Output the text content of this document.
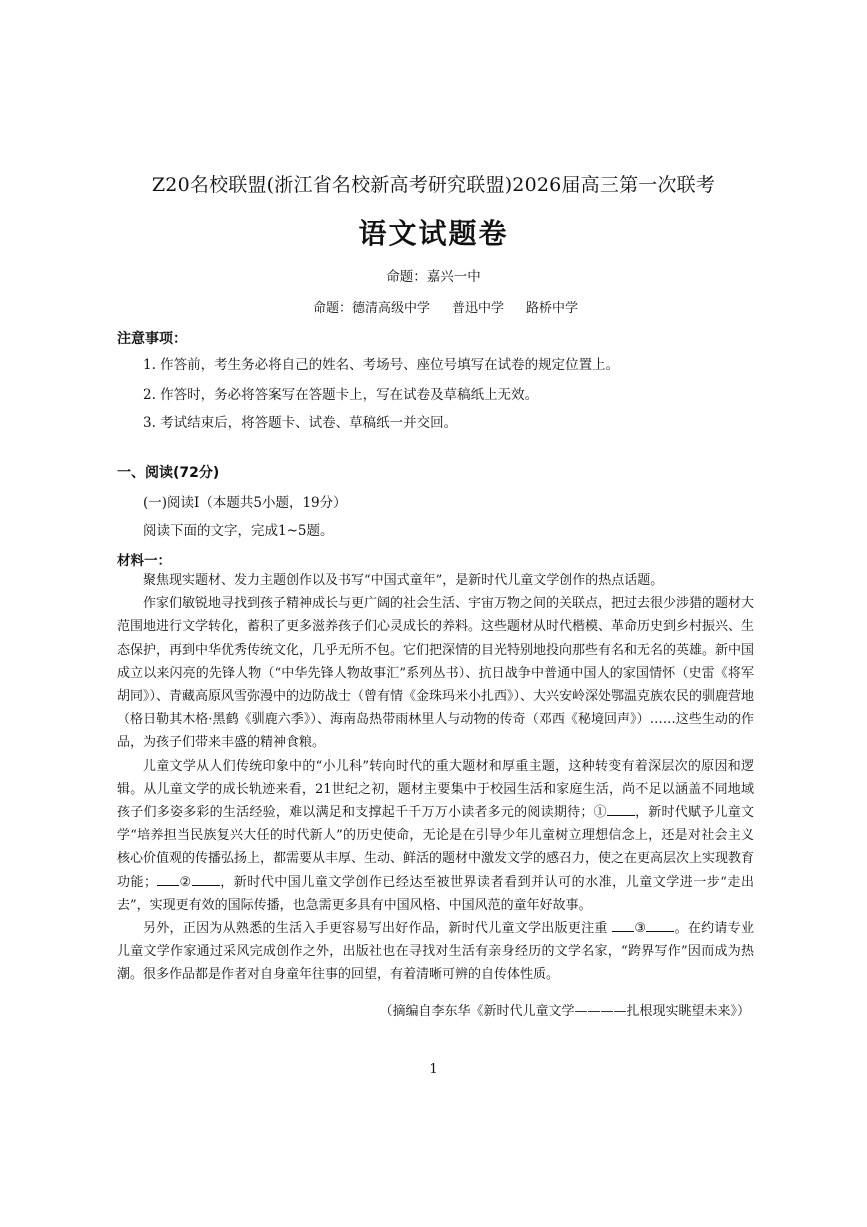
Z20名校联盟(浙江省名校新高考研究联盟)2026届高三第一次联考
语文试题卷
命题：嘉兴一中
命题：德清高级中学 普迅中学 路桥中学
注意事项：
1. 作答前，考生务必将自己的姓名、考场号、座位号填写在试卷的规定位置上。
2. 作答时，务必将答案写在答题卡上，写在试卷及草稿纸上无效。
3. 考试结束后，将答题卡、试卷、草稿纸一并交回。
一、阅读(72分)
(一)阅读Ⅰ（本题共5小题，19分）
阅读下面的文字，完成1~5题。
材料一：

聚焦现实题材、发力主题创作以及书写“中国式童年”，是新时代儿童文学创作的热点话题。

作家们敏锐地寻找到孩子精神成长与更广阔的社会生活、宇宙万物之间的关联点，把过去很少涉猎的题材大范围地进行文学转化，蓄积了更多滋养孩子们心灵成长的养料。这些题材从时代楷模、革命历史到乡村振兴、生态保护，再到中华优秀传统文化，几乎无所不包。它们把深情的目光特别地投向那些有名和无名的英雄。新中国成立以来闪亮的先锋人物（“中华先锋人物故事汇”系列丛书）、抗日战争中普通中国人的家国情怀（史雷《将军胡同》）、青藏高原风雪弥漫中的边防战士（曾有情《金珠玛米小扎西》）、大兴安岭深处鄂温克族农民的驯鹿营地（格日勒其木格·黑鹤《驯鹿六季》）、海南岛热带雨林里人与动物的传奇（邓西《秘境回声》）……这些生动的作品，为孩子们带来丰盛的精神食粮。

儿童文学从人们传统印象中的“小儿科”转向时代的重大题材和厚重主题，这种转变有着深层次的原因和逻辑。从儿童文学的成长轨迹来看，21世纪之初，题材主要集中于校园生活和家庭生活，尚不足以涵盖不同地域孩子们多姿多彩的生活经验，难以满足和支撑起千千万万小读者多元的阅读期待；① ，新时代赋予儿童文学“培养担当民族复兴大任的时代新人”的历史使命，无论是在引导少年儿童树立理想信念上，还是对社会主义核心价值观的传播弘扬上，都需要从丰厚、生动、鲜活的题材中激发文学的感召力，使之在更高层次上实现教育功能； ② ，新时代中国儿童文学创作已经达至被世界读者看到并认可的水准，儿童文学进一步“走出去”，实现更有效的国际传播，也急需更多具有中国风格、中国风范的童年好故事。

另外，正因为从熟悉的生活入手更容易写出好作品，新时代儿童文学出版更注重 ③ 。在约请专业儿童文学作家通过采风完成创作之外，出版社也在寻找对生活有亲身经历的文学名家，“跨界写作”因而成为热潮。很多作品都是作者对自身童年往事的回望，有着清晰可辨的自传体性质。

（摘编自李东华《新时代儿童文学————扎根现实眺望未来》）
1
